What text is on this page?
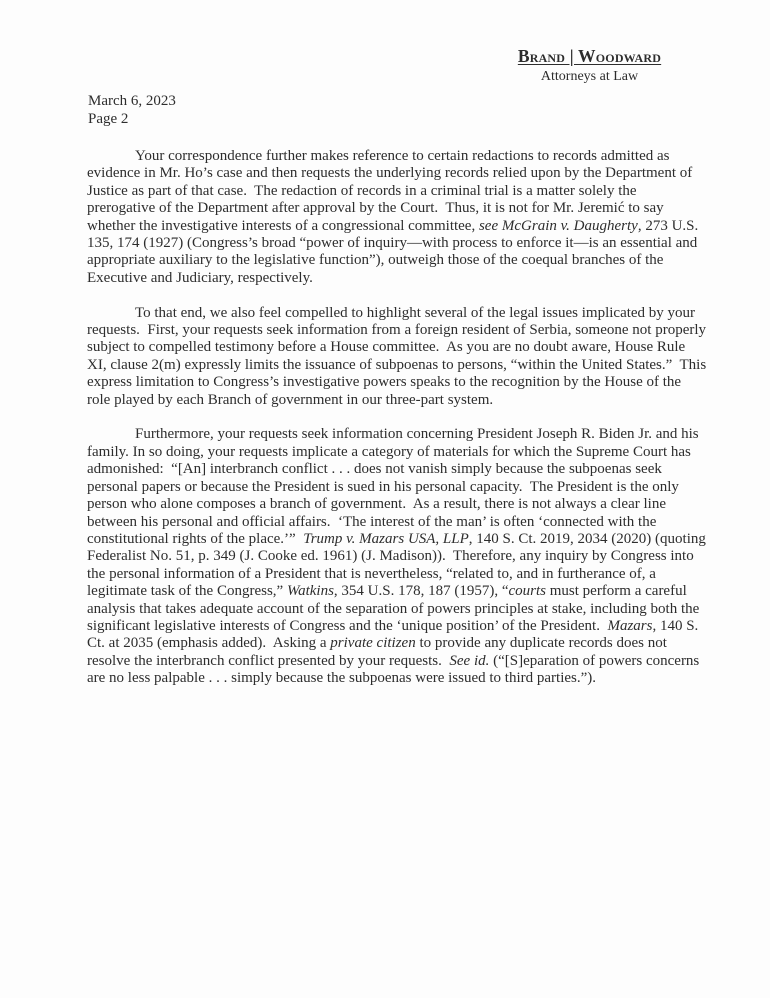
Brand | Woodward
Attorneys at Law
March 6, 2023
Page 2

Your correspondence further makes reference to certain redactions to records admitted as evidence in Mr. Ho’s case and then requests the underlying records relied upon by the Department of Justice as part of that case.  The redaction of records in a criminal trial is a matter solely the prerogative of the Department after approval by the Court.  Thus, it is not for Mr. Jeremić to say whether the investigative interests of a congressional committee, see McGrain v. Daugherty, 273 U.S. 135, 174 (1927) (Congress’s broad “power of inquiry—with process to enforce it—is an essential and appropriate auxiliary to the legislative function”), outweigh those of the coequal branches of the Executive and Judiciary, respectively.

To that end, we also feel compelled to highlight several of the legal issues implicated by your requests.  First, your requests seek information from a foreign resident of Serbia, someone not properly subject to compelled testimony before a House committee.  As you are no doubt aware, House Rule XI, clause 2(m) expressly limits the issuance of subpoenas to persons, “within the United States.”  This express limitation to Congress’s investigative powers speaks to the recognition by the House of the role played by each Branch of government in our three-part system.

Furthermore, your requests seek information concerning President Joseph R. Biden Jr. and his family. In so doing, your requests implicate a category of materials for which the Supreme Court has admonished:  “[An] interbranch conflict . . . does not vanish simply because the subpoenas seek personal papers or because the President is sued in his personal capacity.  The President is the only person who alone composes a branch of government.  As a result, there is not always a clear line between his personal and official affairs.  ‘The interest of the man’ is often ‘connected with the constitutional rights of the place.’”  Trump v. Mazars USA, LLP, 140 S. Ct. 2019, 2034 (2020) (quoting Federalist No. 51, p. 349 (J. Cooke ed. 1961) (J. Madison)).  Therefore, any inquiry by Congress into the personal information of a President that is nevertheless, “related to, and in furtherance of, a legitimate task of the Congress,” Watkins, 354 U.S. 178, 187 (1957), “courts must perform a careful analysis that takes adequate account of the separation of powers principles at stake, including both the significant legislative interests of Congress and the ‘unique position’ of the President.  Mazars, 140 S. Ct. at 2035 (emphasis added).  Asking a private citizen to provide any duplicate records does not resolve the interbranch conflict presented by your requests.  See id. (“[S]eparation of powers concerns are no less palpable . . . simply because the subpoenas were issued to third parties.”).
